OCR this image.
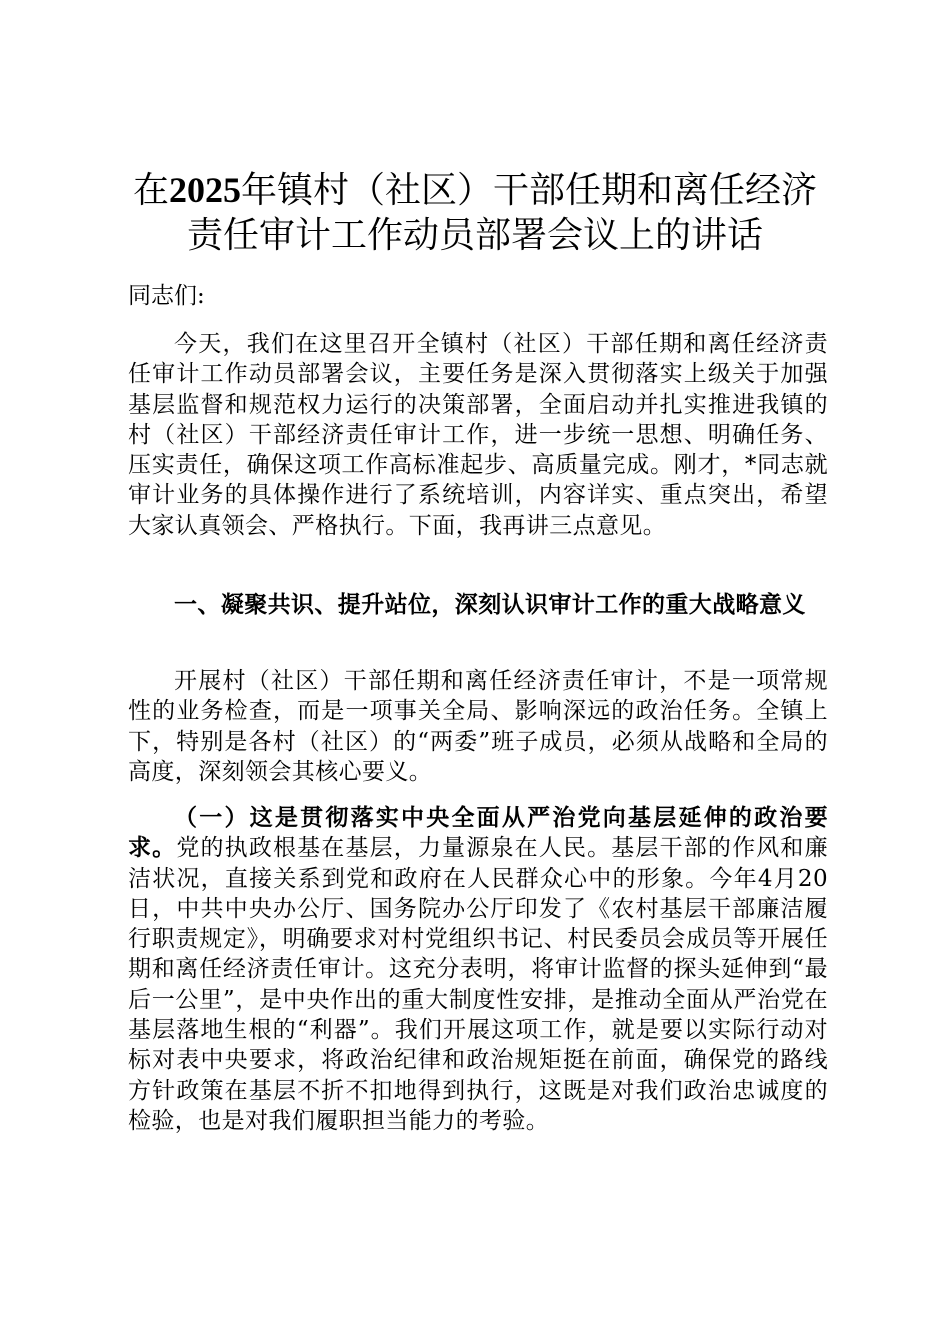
在2025年镇村（社区）干部任期和离任经济
责任审计工作动员部署会议上的讲话

同志们:

今天，我们在这里召开全镇村（社区）干部任期和离任经济责任审计工作动员部署会议，主要任务是深入贯彻落实上级关于加强基层监督和规范权力运行的决策部署，全面启动并扎实推进我镇的村（社区）干部经济责任审计工作，进一步统一思想、明确任务、压实责任，确保这项工作高标准起步、高质量完成。刚才，*同志就审计业务的具体操作进行了系统培训，内容详实、重点突出，希望大家认真领会、严格执行。下面，我再讲三点意见。

一、凝聚共识、提升站位，深刻认识审计工作的重大战略意义

开展村（社区）干部任期和离任经济责任审计，不是一项常规性的业务检查，而是一项事关全局、影响深远的政治任务。全镇上下，特别是各村（社区）的“两委”班子成员，必须从战略和全局的高度，深刻领会其核心要义。

（一）这是贯彻落实中央全面从严治党向基层延伸的政治要求。党的执政根基在基层，力量源泉在人民。基层干部的作风和廉洁状况，直接关系到党和政府在人民群众心中的形象。今年4月20日，中共中央办公厅、国务院办公厅印发了《农村基层干部廉洁履行职责规定》，明确要求对村党组织书记、村民委员会成员等开展任期和离任经济责任审计。这充分表明，将审计监督的探头延伸到“最后一公里”，是中央作出的重大制度性安排，是推动全面从严治党在基层落地生根的“利器”。我们开展这项工作，就是要以实际行动对标对表中央要求，将政治纪律和政治规矩挺在前面，确保党的路线方针政策在基层不折不扣地得到执行，这既是对我们政治忠诚度的检验，也是对我们履职担当能力的考验。
